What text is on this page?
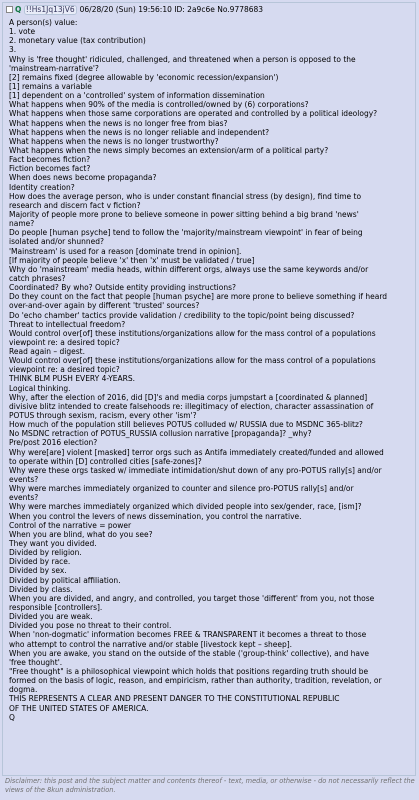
Q !!Hs1Jq13jV6 06/28/20 (Sun) 19:56:10 ID: 2a9c6e No.9778683
A person(s) value:
1. vote
2. monetary value (tax contribution)
3.
Why is 'free thought' ridiculed, challenged, and threatened when a person is opposed to the
'mainstream-narrative'?
[2] remains fixed (degree allowable by 'economic recession/expansion')
[1] remains a variable
[1] dependent on a 'controlled' system of information dissemination
What happens when 90% of the media is controlled/owned by (6) corporations?
What happens when those same corporations are operated and controlled by a political ideology?
What happens when the news is no longer free from bias?
What happens when the news is no longer reliable and independent?
What happens when the news is no longer trustworthy?
What happens when the news simply becomes an extension/arm of a political party?
Fact becomes fiction?
Fiction becomes fact?
When does news become propaganda?
Identity creation?
How does the average person, who is under constant financial stress (by design), find time to
research and discern fact v fiction?
Majority of people more prone to believe someone in power sitting behind a big brand 'news'
name?
Do people [human psyche] tend to follow the 'majority/mainstream viewpoint' in fear of being
isolated and/or shunned?
'Mainstream' is used for a reason [dominate trend in opinion].
[If majority of people believe 'x' then 'x' must be validated / true]
Why do 'mainstream' media heads, within different orgs, always use the same keywords and/or
catch phrases?
Coordinated? By who? Outside entity providing instructions?
Do they count on the fact that people [human psyche] are more prone to believe something if heard
over-and-over again by different 'trusted' sources?
Do 'echo chamber' tactics provide validation / credibility to the topic/point being discussed?
Threat to intellectual freedom?
Would control over[of] these institutions/organizations allow for the mass control of a populations
viewpoint re: a desired topic?
Read again – digest.
Would control over[of] these institutions/organizations allow for the mass control of a populations
viewpoint re: a desired topic?
THINK BLM PUSH EVERY 4-YEARS.
Logical thinking.
Why, after the election of 2016, did [D]'s and media corps jumpstart a [coordinated & planned]
divisive blitz intended to create falsehoods re: illegitimacy of election, character assassination of
POTUS through sexism, racism, every other 'ism'?
How much of the population still believes POTUS colluded w/ RUSSIA due to MSDNC 365-blitz?
No MSDNC retraction of POTUS_RUSSIA collusion narrative [propaganda]? _why?
Pre/post 2016 election?
Why were[are] violent [masked] terror orgs such as Antifa immediately created/funded and allowed
to operate within [D] controlled cities [safe-zones]?
Why were these orgs tasked w/ immediate intimidation/shut down of any pro-POTUS rally[s] and/or
events?
Why were marches immediately organized to counter and silence pro-POTUS rally[s] and/or
events?
Why were marches immediately organized which divided people into sex/gender, race, [ism]?
When you control the levers of news dissemination, you control the narrative.
Control of the narrative = power
When you are blind, what do you see?
They want you divided.
Divided by religion.
Divided by race.
Divided by sex.
Divided by political affiliation.
Divided by class.
When you are divided, and angry, and controlled, you target those 'different' from you, not those
responsible [controllers].
Divided you are weak.
Divided you pose no threat to their control.
When 'non-dogmatic' information becomes FREE & TRANSPARENT it becomes a threat to those
who attempt to control the narrative and/or stable [livestock kept – sheep].
When you are awake, you stand on the outside of the stable ('group-think' collective), and have
'free thought'.
"Free thought" is a philosophical viewpoint which holds that positions regarding truth should be
formed on the basis of logic, reason, and empiricism, rather than authority, tradition, revelation, or
dogma.
THIS REPRESENTS A CLEAR AND PRESENT DANGER TO THE CONSTITUTIONAL REPUBLIC
OF THE UNITED STATES OF AMERICA.
Q
Disclaimer: this post and the subject matter and contents thereof - text, media, or otherwise - do not necessarily reflect the views of the 8kun administration.
